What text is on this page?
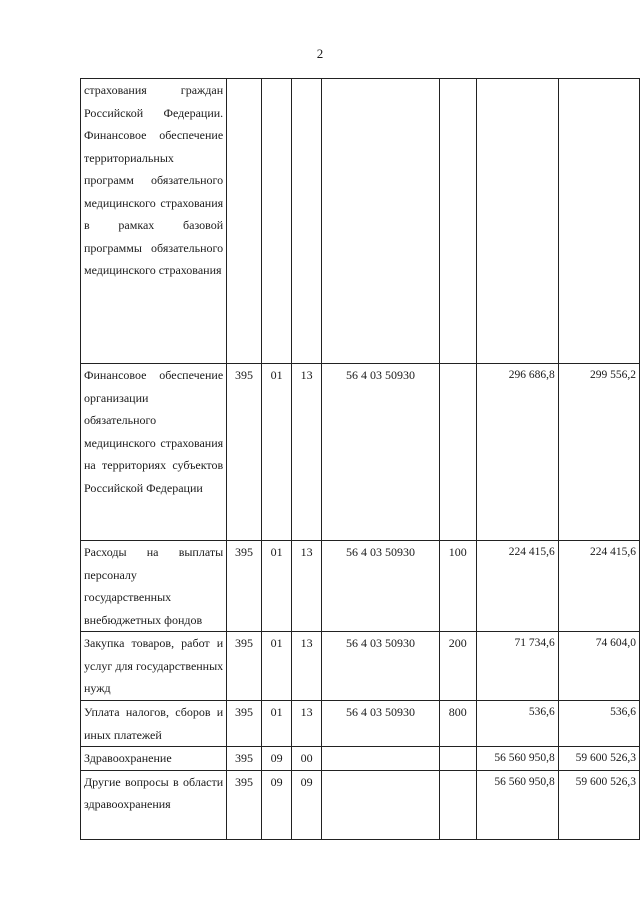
2
страхования граждан Российской Федерации. Финансовое обеспечение территориальных программ обязательного медицинского страхования в рамках базовой программы обязательного медицинского страхования							

Финансовое обеспечение организации обязательного медицинского страхования на территориях субъектов Российской Федерации	395	01	13	56 4 03 50930		296 686,8	299 556,2

Расходы на выплаты персоналу государственных внебюджетных фондов	395	01	13	56 4 03 50930	100	224 415,6	224 415,6

Закупка товаров, работ и услуг для государственных нужд	395	01	13	56 4 03 50930	200	71 734,6	74 604,0

Уплата налогов, сборов и иных платежей	395	01	13	56 4 03 50930	800	536,6	536,6

Здравоохранение	395	09	00			56 560 950,8	59 600 526,3

Другие вопросы в области здравоохранения	395	09	09			56 560 950,8	59 600 526,3
